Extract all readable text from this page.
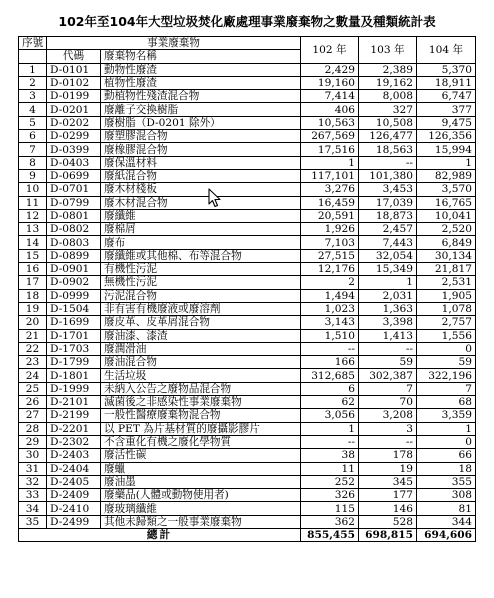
102年至104年大型垃圾焚化廠處理事業廢棄物之數量及種類統計表
序號	事業廢棄物		102 年	103 年	104 年
	代碼	廢棄物名稱			
1	D-0101	動物性廢渣	2,429	2,389	5,370
2	D-0102	植物性廢渣	19,160	19,162	18,911
3	D-0199	動植物性殘渣混合物	7,414	8,008	6,747
4	D-0201	廢離子交換樹脂	406	327	377
5	D-0202	廢樹脂（D-0201 除外）	10,563	10,508	9,475
6	D-0299	廢塑膠混合物	267,569	126,477	126,356
7	D-0399	廢橡膠混合物	17,516	18,563	15,994
8	D-0403	廢保溫材料	1	--	1
9	D-0699	廢紙混合物	117,101	101,380	82,989
10	D-0701	廢木材棧板	3,276	3,453	3,570
11	D-0799	廢木材混合物	16,459	17,039	16,765
12	D-0801	廢纖維	20,591	18,873	10,041
13	D-0802	廢棉屑	1,926	2,457	2,520
14	D-0803	廢布	7,103	7,443	6,849
15	D-0899	廢纖維或其他棉、布等混合物	27,515	32,054	30,134
16	D-0901	有機性污泥	12,176	15,349	21,817
17	D-0902	無機性污泥	2	1	2,531
18	D-0999	污泥混合物	1,494	2,031	1,905
19	D-1504	非有害有機廢液或廢溶劑	1,023	1,363	1,078
20	D-1699	廢皮革、皮革屑混合物	3,143	3,398	2,757
21	D-1701	廢油漆、漆渣	1,510	1,413	1,556
22	D-1703	廢潤滑油	--	--	0
23	D-1799	廢油混合物	166	59	59
24	D-1801	生活垃圾	312,685	302,387	322,196
25	D-1999	未納入公告之廢物品混合物	6	7	7
26	D-2101	滅菌後之非感染性事業廢棄物	62	70	68
27	D-2199	一般性醫療廢棄物混合物	3,056	3,208	3,359
28	D-2201	以 PET 為片基材質的廢攝影膠片	1	3	1
29	D-2302	不含重化有機之廢化學物質	--	--	0
30	D-2403	廢活性碳	38	178	66
31	D-2404	廢蠟	11	19	18
32	D-2405	廢油墨	252	345	355
33	D-2409	廢藥品(人體或動物使用者)	326	177	308
34	D-2410	廢玻璃纖維	115	146	81
35	D-2499	其他未歸類之一般事業廢棄物	362	528	344
總計			855,455	698,815	694,606
